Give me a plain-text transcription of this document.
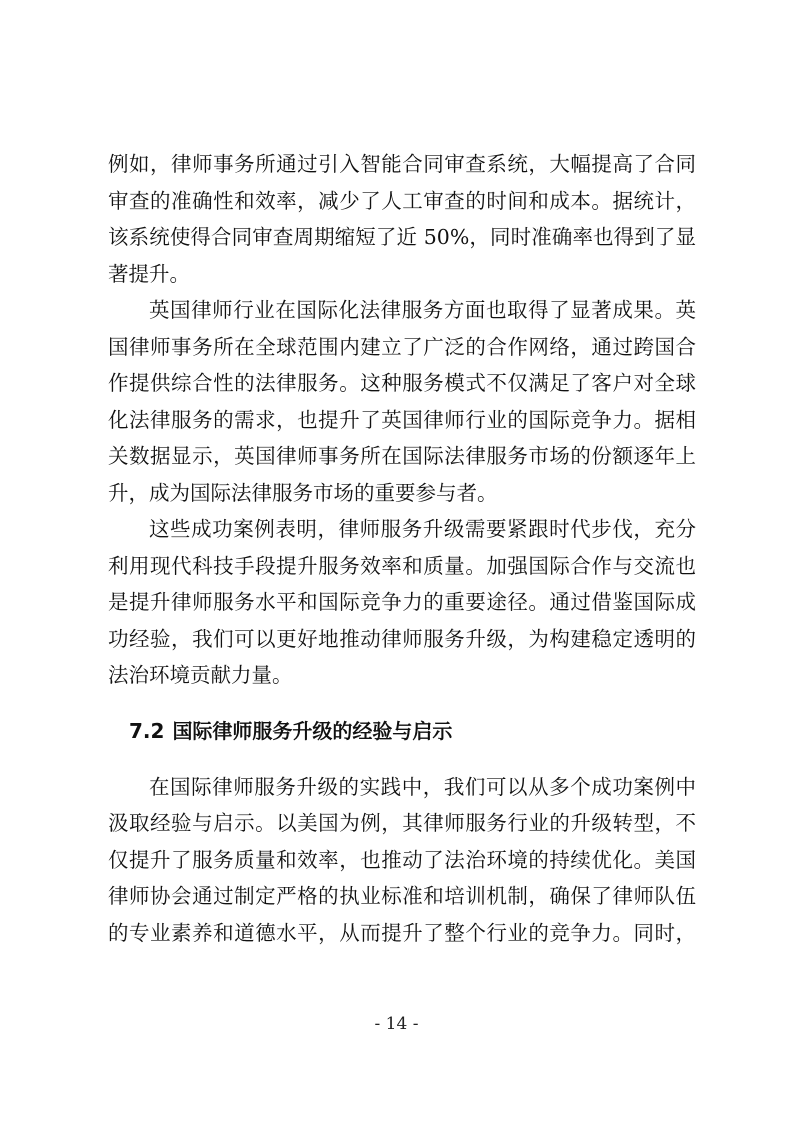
例如，律师事务所通过引入智能合同审查系统，大幅提高了合同
审查的准确性和效率，减少了人工审查的时间和成本。据统计，
该系统使得合同审查周期缩短了近 50%，同时准确率也得到了显
著提升。

英国律师行业在国际化法律服务方面也取得了显著成果。英
国律师事务所在全球范围内建立了广泛的合作网络，通过跨国合
作提供综合性的法律服务。这种服务模式不仅满足了客户对全球
化法律服务的需求，也提升了英国律师行业的国际竞争力。据相
关数据显示，英国律师事务所在国际法律服务市场的份额逐年上
升，成为国际法律服务市场的重要参与者。

这些成功案例表明，律师服务升级需要紧跟时代步伐，充分
利用现代科技手段提升服务效率和质量。加强国际合作与交流也
是提升律师服务水平和国际竞争力的重要途径。通过借鉴国际成
功经验，我们可以更好地推动律师服务升级，为构建稳定透明的
法治环境贡献力量。

7.2 国际律师服务升级的经验与启示

在国际律师服务升级的实践中，我们可以从多个成功案例中
汲取经验与启示。以美国为例，其律师服务行业的升级转型，不
仅提升了服务质量和效率，也推动了法治环境的持续优化。美国
律师协会通过制定严格的执业标准和培训机制，确保了律师队伍
的专业素养和道德水平，从而提升了整个行业的竞争力。同时，

- 14 -
